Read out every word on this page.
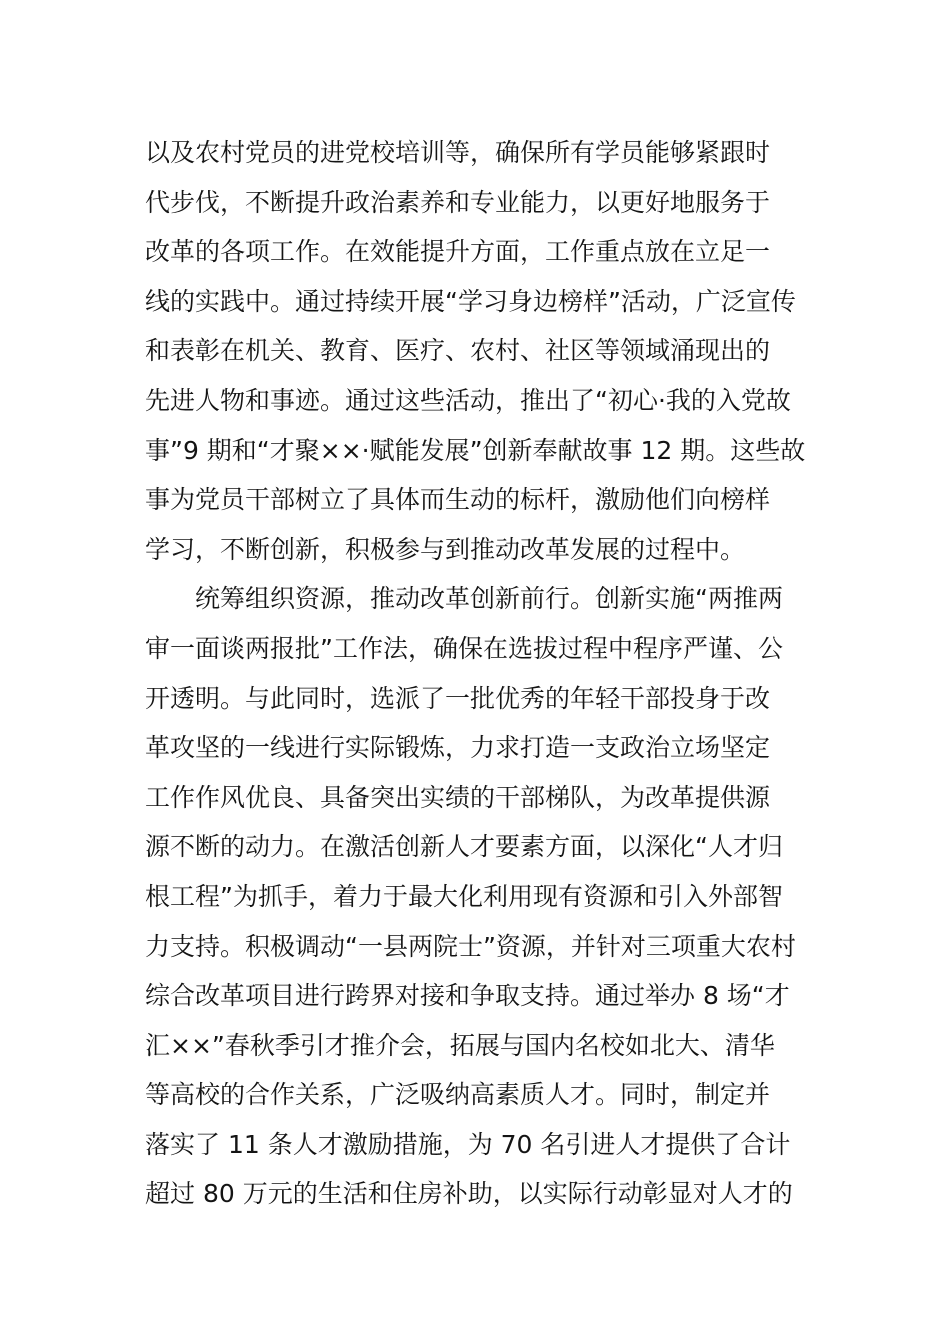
以及农村党员的进党校培训等，确保所有学员能够紧跟时
代步伐，不断提升政治素养和专业能力，以更好地服务于
改革的各项工作。在效能提升方面，工作重点放在立足一
线的实践中。通过持续开展“学习身边榜样”活动，广泛宣传
和表彰在机关、教育、医疗、农村、社区等领域涌现出的
先进人物和事迹。通过这些活动，推出了“初心·我的入党故
事”9 期和“才聚××·赋能发展”创新奉献故事 12 期。这些故
事为党员干部树立了具体而生动的标杆，激励他们向榜样
学习，不断创新，积极参与到推动改革发展的过程中。
统筹组织资源，推动改革创新前行。创新实施“两推两
审一面谈两报批”工作法，确保在选拔过程中程序严谨、公
开透明。与此同时，选派了一批优秀的年轻干部投身于改
革攻坚的一线进行实际锻炼，力求打造一支政治立场坚定
工作作风优良、具备突出实绩的干部梯队，为改革提供源
源不断的动力。在激活创新人才要素方面，以深化“人才归
根工程”为抓手，着力于最大化利用现有资源和引入外部智
力支持。积极调动“一县两院士”资源，并针对三项重大农村
综合改革项目进行跨界对接和争取支持。通过举办 8 场“才
汇××”春秋季引才推介会，拓展与国内名校如北大、清华
等高校的合作关系，广泛吸纳高素质人才。同时，制定并
落实了 11 条人才激励措施，为 70 名引进人才提供了合计
超过 80 万元的生活和住房补助，以实际行动彰显对人才的
